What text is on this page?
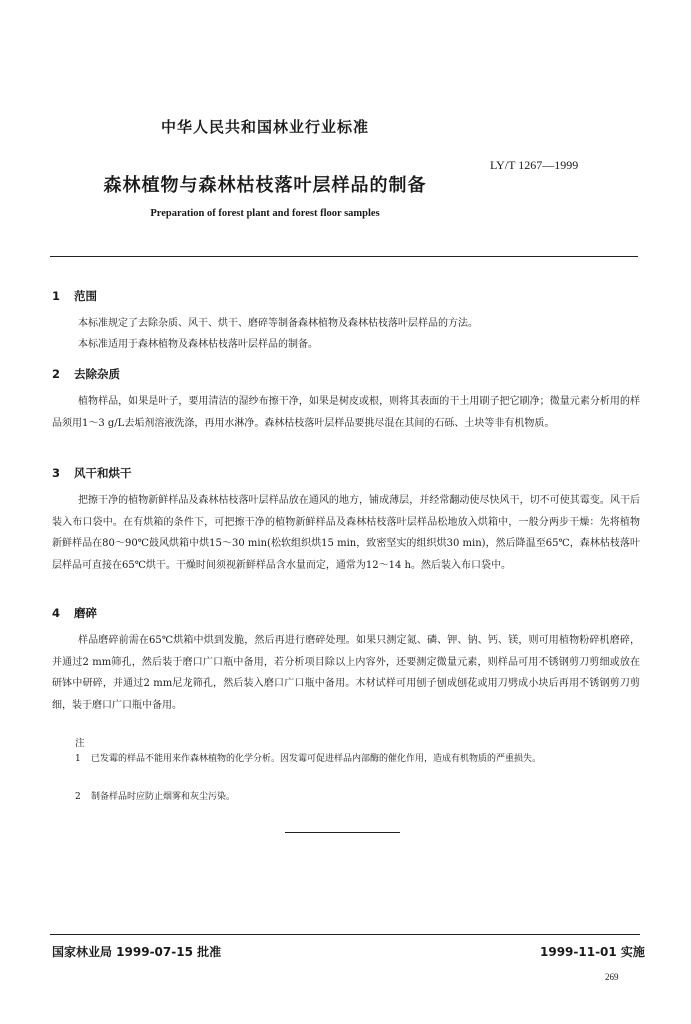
中华人民共和国林业行业标准
LY/T 1267—1999
森林植物与森林枯枝落叶层样品的制备
Preparation of forest plant and forest floor samples
1 范围
本标准规定了去除杂质、风干、烘干、磨碎等制备森林植物及森林枯枝落叶层样品的方法。
本标准适用于森林植物及森林枯枝落叶层样品的制备。
2 去除杂质
植物样品，如果是叶子，要用清洁的湿纱布擦干净，如果是树皮或根，则将其表面的干土用刷子把它刷净；微量元素分析用的样品须用1～3 g/L去垢剂溶液洗涤，再用水淋净。森林枯枝落叶层样品要挑尽混在其间的石砾、土块等非有机物质。
3 风干和烘干
把擦干净的植物新鲜样品及森林枯枝落叶层样品放在通风的地方，铺成薄层，并经常翻动使尽快风干，切不可使其霉变。风干后装入布口袋中。在有烘箱的条件下，可把擦干净的植物新鲜样品及森林枯枝落叶层样品松地放入烘箱中，一般分两步干燥：先将植物新鲜样品在80～90℃鼓风烘箱中烘15～30 min(松软组织烘15 min，致密坚实的组织烘30 min)，然后降温至65℃，森林枯枝落叶层样品可直接在65℃烘干。干燥时间须视新鲜样品含水量而定，通常为12～14 h。然后装入布口袋中。
4 磨碎
样品磨碎前需在65℃烘箱中烘到发脆，然后再进行磨碎处理。如果只测定氮、磷、钾、钠、钙、镁，则可用植物粉碎机磨碎，并通过2 mm筛孔，然后装于磨口广口瓶中备用，若分析项目除以上内容外，还要测定微量元素，则样品可用不锈钢剪刀剪细或放在研钵中研碎，并通过2 mm尼龙筛孔，然后装入磨口广口瓶中备用。木材试样可用刨子刨成刨花或用刀劈成小块后再用不锈钢剪刀剪细，装于磨口广口瓶中备用。
注
1	已发霉的样品不能用来作森林植物的化学分析。因发霉可促进样品内部酶的催化作用，造成有机物质的严重损失。
2	制备样品时应防止烟雾和灰尘污染。
国家林业局 1999-07-15 批准	1999-11-01 实施
269
